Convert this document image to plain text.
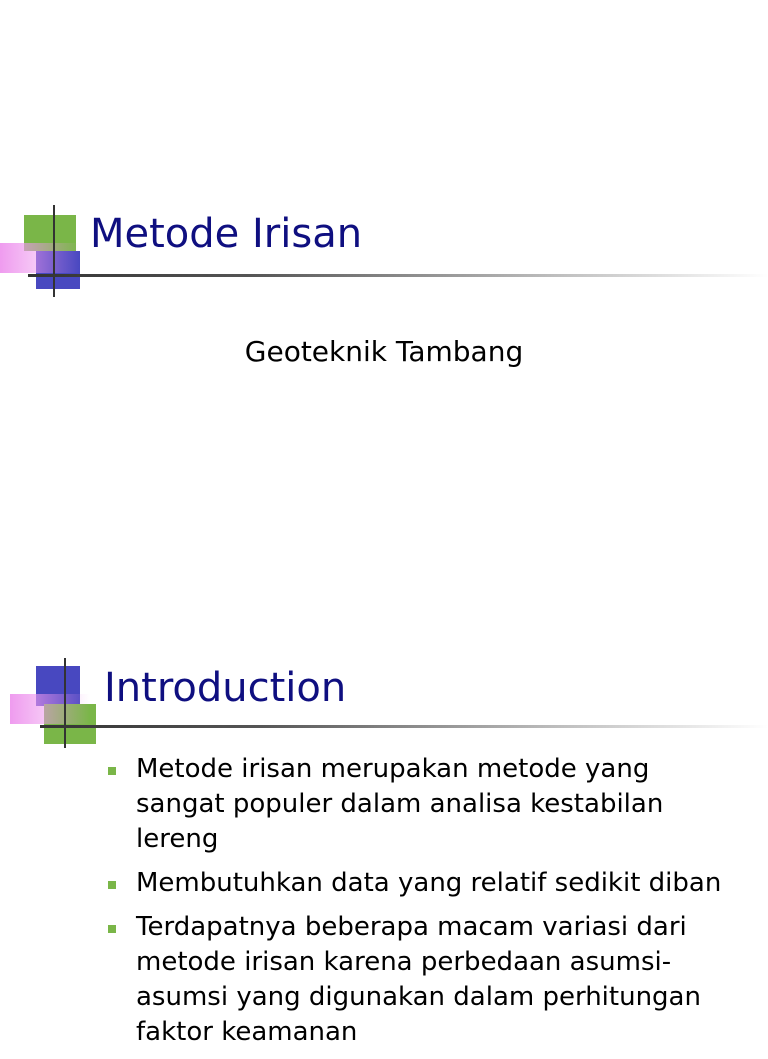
Metode Irisan
Geoteknik Tambang
Introduction
Metode irisan merupakan metode yang sangat populer dalam analisa kestabilan lereng
Membutuhkan data yang relatif sedikit diban
Terdapatnya beberapa macam variasi dari metode irisan karena perbedaan asumsi-asumsi yang digunakan dalam perhitungan faktor keamanan
